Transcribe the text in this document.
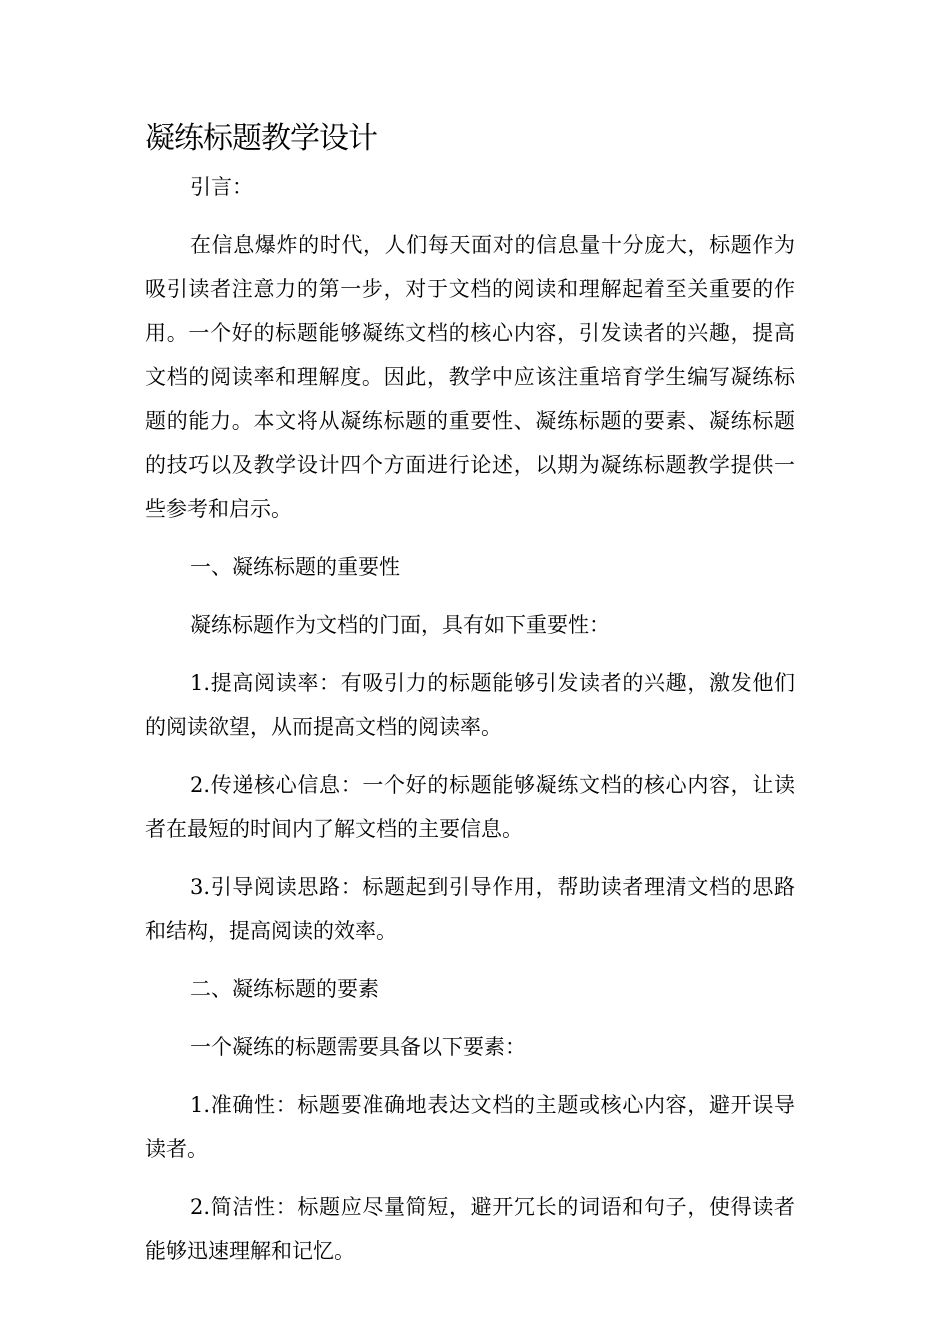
凝练标题教学设计

引言：

在信息爆炸的时代，人们每天面对的信息量十分庞大，标题作为吸引读者注意力的第一步，对于文档的阅读和理解起着至关重要的作用。一个好的标题能够凝练文档的核心内容，引发读者的兴趣，提高文档的阅读率和理解度。因此，教学中应该注重培育学生编写凝练标题的能力。本文将从凝练标题的重要性、凝练标题的要素、凝练标题的技巧以及教学设计四个方面进行论述，以期为凝练标题教学提供一些参考和启示。

一、凝练标题的重要性

凝练标题作为文档的门面，具有如下重要性：

1.提高阅读率：有吸引力的标题能够引发读者的兴趣，激发他们的阅读欲望，从而提高文档的阅读率。

2.传递核心信息：一个好的标题能够凝练文档的核心内容，让读者在最短的时间内了解文档的主要信息。

3.引导阅读思路：标题起到引导作用，帮助读者理清文档的思路和结构，提高阅读的效率。

二、凝练标题的要素

一个凝练的标题需要具备以下要素：

1.准确性：标题要准确地表达文档的主题或核心内容，避开误导读者。

2.简洁性：标题应尽量简短，避开冗长的词语和句子，使得读者能够迅速理解和记忆。
